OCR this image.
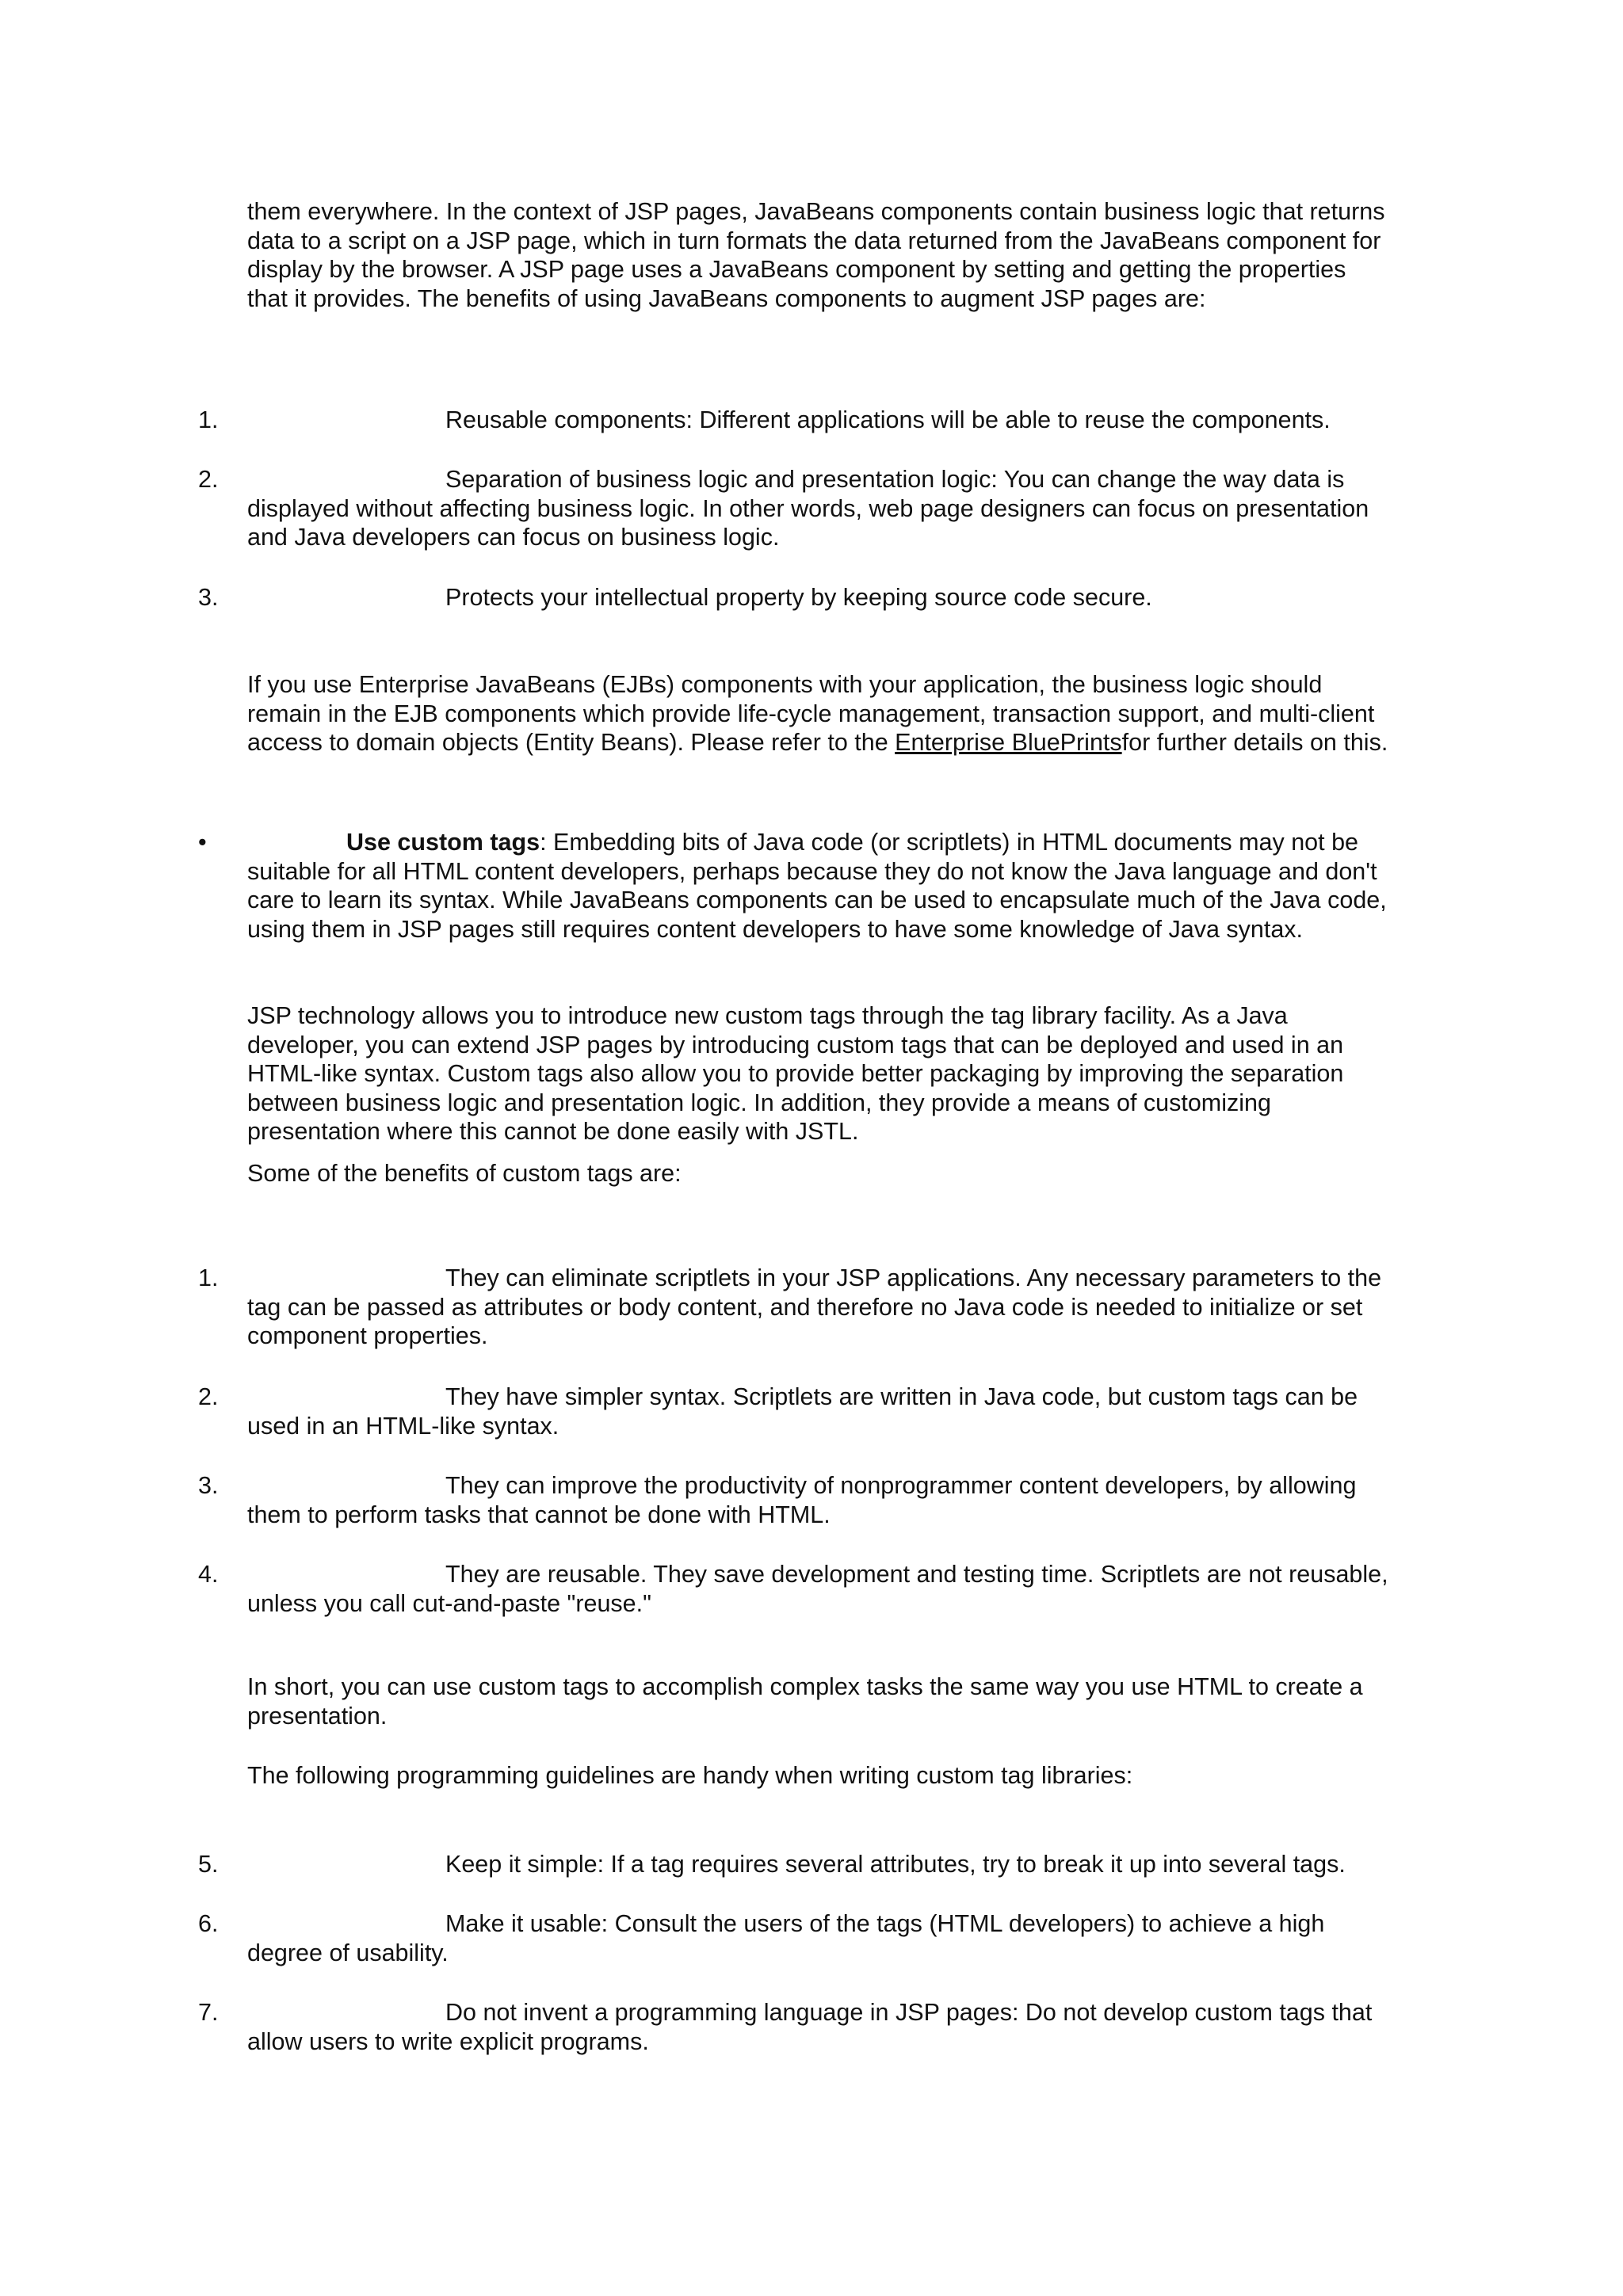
them everywhere. In the context of JSP pages, JavaBeans components contain business logic that returns data to a script on a JSP page, which in turn formats the data returned from the JavaBeans component for display by the browser. A JSP page uses a JavaBeans component by setting and getting the properties that it provides. The benefits of using JavaBeans components to augment JSP pages are:

1.	Reusable components: Different applications will be able to reuse the components.

2.	Separation of business logic and presentation logic: You can change the way data is displayed without affecting business logic. In other words, web page designers can focus on presentation and Java developers can focus on business logic.

3.	Protects your intellectual property by keeping source code secure.

If you use Enterprise JavaBeans (EJBs) components with your application, the business logic should remain in the EJB components which provide life-cycle management, transaction support, and multi-client access to domain objects (Entity Beans). Please refer to the Enterprise BluePrintsfor further details on this.

•	Use custom tags: Embedding bits of Java code (or scriptlets) in HTML documents may not be suitable for all HTML content developers, perhaps because they do not know the Java language and don't care to learn its syntax. While JavaBeans components can be used to encapsulate much of the Java code, using them in JSP pages still requires content developers to have some knowledge of Java syntax.

JSP technology allows you to introduce new custom tags through the tag library facility. As a Java developer, you can extend JSP pages by introducing custom tags that can be deployed and used in an HTML-like syntax. Custom tags also allow you to provide better packaging by improving the separation between business logic and presentation logic. In addition, they provide a means of customizing presentation where this cannot be done easily with JSTL.

Some of the benefits of custom tags are:

1.	They can eliminate scriptlets in your JSP applications. Any necessary parameters to the tag can be passed as attributes or body content, and therefore no Java code is needed to initialize or set component properties.

2.	They have simpler syntax. Scriptlets are written in Java code, but custom tags can be used in an HTML-like syntax.

3.	They can improve the productivity of nonprogrammer content developers, by allowing them to perform tasks that cannot be done with HTML.

4.	They are reusable. They save development and testing time. Scriptlets are not reusable, unless you call cut-and-paste "reuse."

In short, you can use custom tags to accomplish complex tasks the same way you use HTML to create a presentation.

The following programming guidelines are handy when writing custom tag libraries:

5.	Keep it simple: If a tag requires several attributes, try to break it up into several tags.

6.	Make it usable: Consult the users of the tags (HTML developers) to achieve a high degree of usability.

7.	Do not invent a programming language in JSP pages: Do not develop custom tags that allow users to write explicit programs.
